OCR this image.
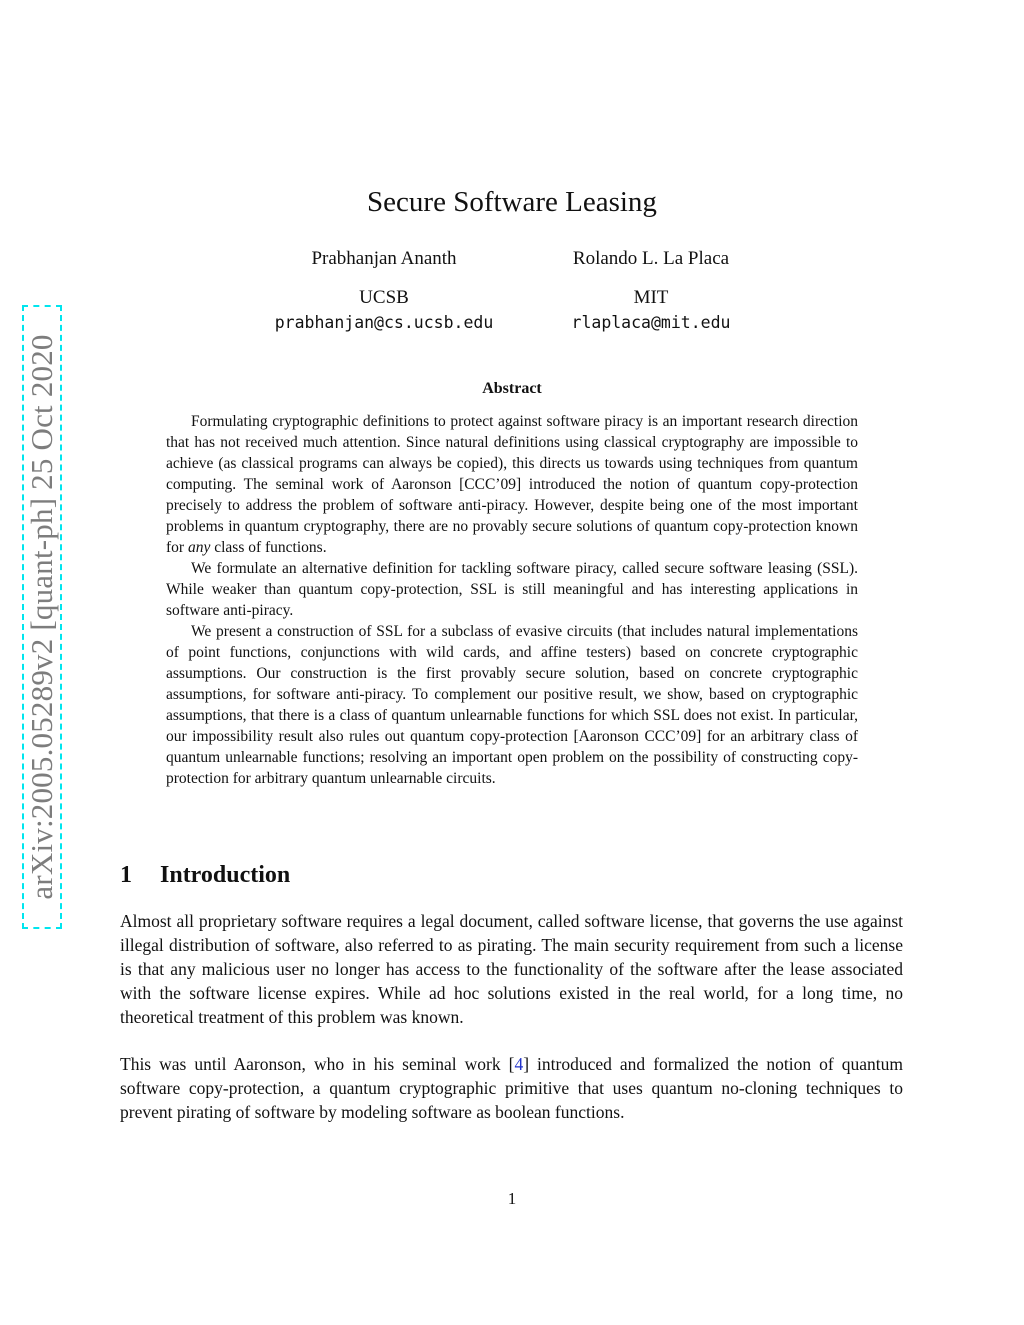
arXiv:2005.05289v2 [quant-ph] 25 Oct 2020
Secure Software Leasing
Prabhanjan Ananth
UCSB
prabhanjan@cs.ucsb.edu
Rolando L. La Placa
MIT
rlaplaca@mit.edu
Abstract

Formulating cryptographic definitions to protect against software piracy is an important research direction that has not received much attention. Since natural definitions using classical cryptography are impossible to achieve (as classical programs can always be copied), this directs us towards using techniques from quantum computing. The seminal work of Aaronson [CCC’09] introduced the notion of quantum copy-protection precisely to address the problem of software anti-piracy. However, despite being one of the most important problems in quantum cryptography, there are no provably secure solutions of quantum copy-protection known for any class of functions.

We formulate an alternative definition for tackling software piracy, called secure software leasing (SSL). While weaker than quantum copy-protection, SSL is still meaningful and has interesting applications in software anti-piracy.

We present a construction of SSL for a subclass of evasive circuits (that includes natural implementations of point functions, conjunctions with wild cards, and affine testers) based on concrete cryptographic assumptions. Our construction is the first provably secure solution, based on concrete cryptographic assumptions, for software anti-piracy. To complement our positive result, we show, based on cryptographic assumptions, that there is a class of quantum unlearnable functions for which SSL does not exist. In particular, our impossibility result also rules out quantum copy-protection [Aaronson CCC’09] for an arbitrary class of quantum unlearnable functions; resolving an important open problem on the possibility of constructing copy-protection for arbitrary quantum unlearnable circuits.

1 Introduction

Almost all proprietary software requires a legal document, called software license, that governs the use against illegal distribution of software, also referred to as pirating. The main security requirement from such a license is that any malicious user no longer has access to the functionality of the software after the lease associated with the software license expires. While ad hoc solutions existed in the real world, for a long time, no theoretical treatment of this problem was known.

This was until Aaronson, who in his seminal work [4] introduced and formalized the notion of quantum software copy-protection, a quantum cryptographic primitive that uses quantum no-cloning techniques to prevent pirating of software by modeling software as boolean functions.

1
